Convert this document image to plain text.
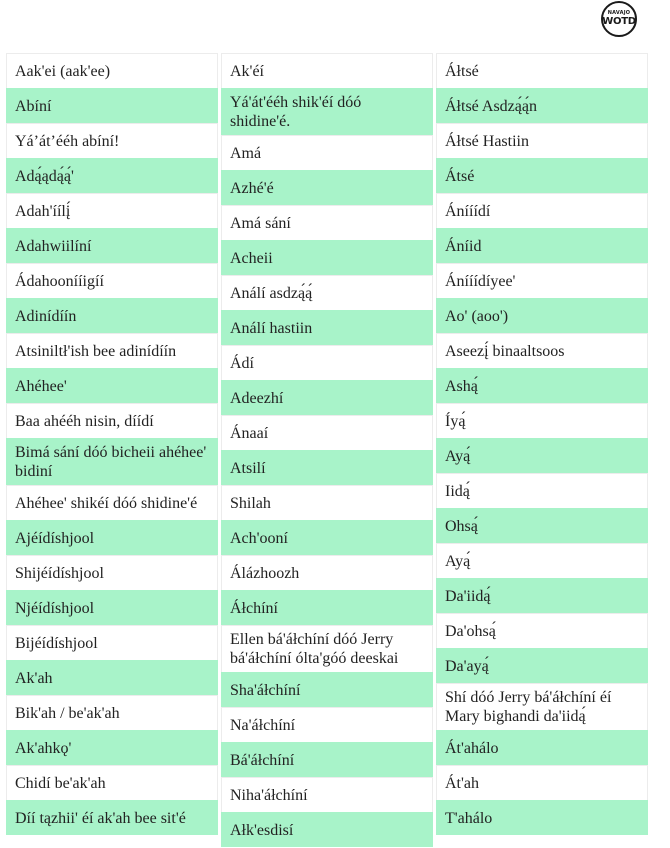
NAVAJO
WOTD
Aak'ei (aak'ee)
Abíní
Yá’át’ééh abíní!
Adą́ądą́ą́'
Adah'íílį́
Adahwiilíní
Ádahoonííigíí
Adinídíín
Atsiniltł'ish bee adinídíín
Ahéhee'
Baa ahééh nisin, díídí
Bimá sání dóó bicheii ahéhee' bidiní
Ahéhee' shikéí dóó shidine'é
Ajéídíshjool
Shijéídíshjool
Njéídíshjool
Bijéídíshjool
Ak'ah
Bik'ah / be'ak'ah
Ak'ahkǫ'
Chidí be'ak'ah
Díí tązhii' éí ak'ah bee sit'é
Ak'éí
Yá'át'ééh shik'éí dóó shidine'é.
Amá
Azhé'é
Amá sání
Acheii
Análí asdzą́ą́
Análí hastiin
Ádí
Adeezhí
Ánaaí
Atsilí
Shilah
Ach'ooní
Álázhoozh
Áłchíní
Ellen bá'áłchíní dóó Jerry bá'áłchíní ólta'góó deeskai
Sha'áłchíní
Na'áłchíní
Bá'áłchíní
Niha'áłchíní
Ałk'esdisí
Áłtsé
Áłtsé Asdzą́ą́n
Áłtsé Hastiin
Átsé
Ánííídí
Áníid
Ánííídíyee'
Ao' (aoo')
Aseezį́ binaaltsoos
Ashą́
Íyą́
Ayą́
Iidą́
Ohsą́
Ayą́
Da'iidą́
Da'ohsą́
Da'ayą́
Shí dóó Jerry bá'áłchíní éí Mary bighandi da'iidą́
Át'ahálo
Át'ah
T'ahálo
